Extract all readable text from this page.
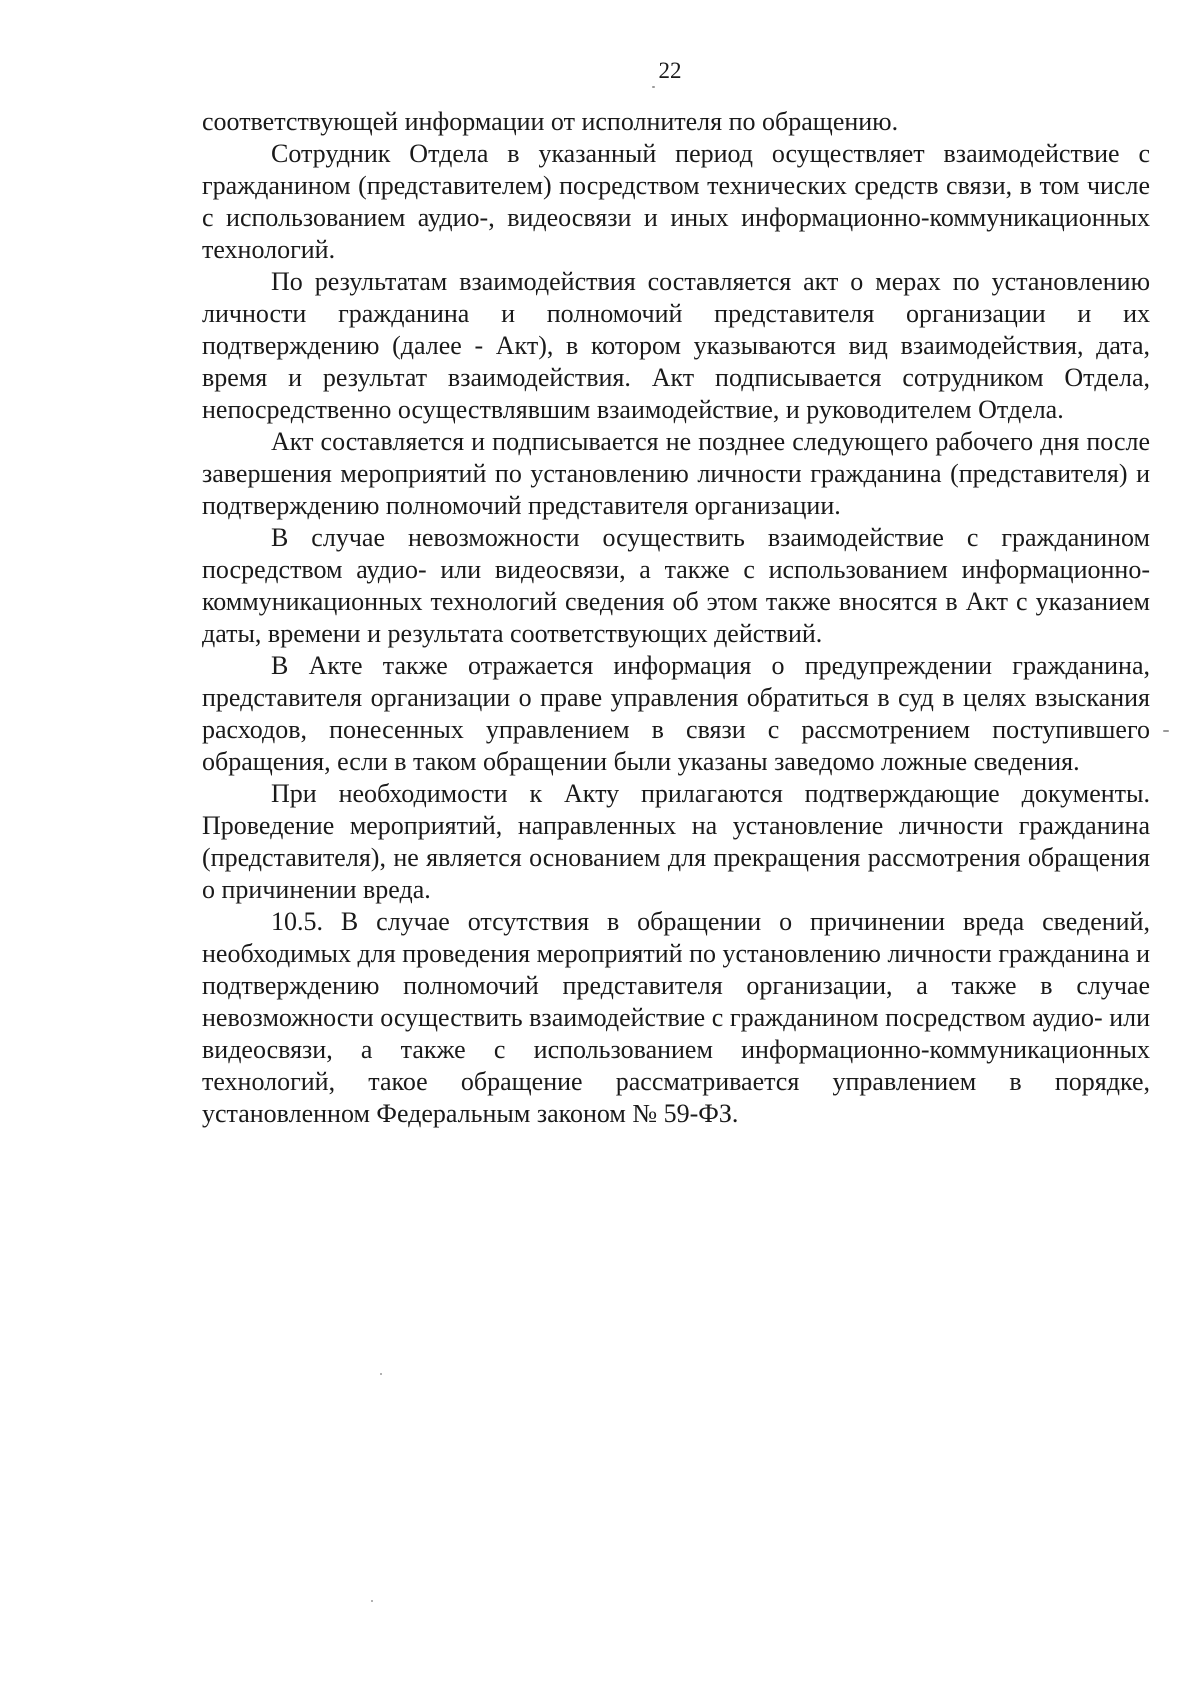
22

соответствующей информации от исполнителя по обращению.

Сотрудник Отдела в указанный период осуществляет взаимодействие с гражданином (представителем) посредством технических средств связи, в том числе с использованием аудио-, видеосвязи и иных информационно-коммуникационных технологий.

По результатам взаимодействия составляется акт о мерах по установлению личности гражданина и полномочий представителя организации и их подтверждению (далее - Акт), в котором указываются вид взаимодействия, дата, время и результат взаимодействия. Акт подписывается сотрудником Отдела, непосредственно осуществлявшим взаимодействие, и руководителем Отдела.

Акт составляется и подписывается не позднее следующего рабочего дня после завершения мероприятий по установлению личности гражданина (представителя) и подтверждению полномочий представителя организации.

В случае невозможности осуществить взаимодействие с гражданином посредством аудио- или видеосвязи, а также с использованием информационно-коммуникационных технологий сведения об этом также вносятся в Акт с указанием даты, времени и результата соответствующих действий.

В Акте также отражается информация о предупреждении гражданина, представителя организации о праве управления обратиться в суд в целях взыскания расходов, понесенных управлением в связи с рассмотрением поступившего обращения, если в таком обращении были указаны заведомо ложные сведения.

При необходимости к Акту прилагаются подтверждающие документы. Проведение мероприятий, направленных на установление личности гражданина (представителя), не является основанием для прекращения рассмотрения обращения о причинении вреда.

10.5. В случае отсутствия в обращении о причинении вреда сведений, необходимых для проведения мероприятий по установлению личности гражданина и подтверждению полномочий представителя организации, а также в случае невозможности осуществить взаимодействие с гражданином посредством аудио- или видеосвязи, а также с использованием информационно-коммуникационных технологий, такое обращение рассматривается управлением в порядке, установленном Федеральным законом № 59-ФЗ.
